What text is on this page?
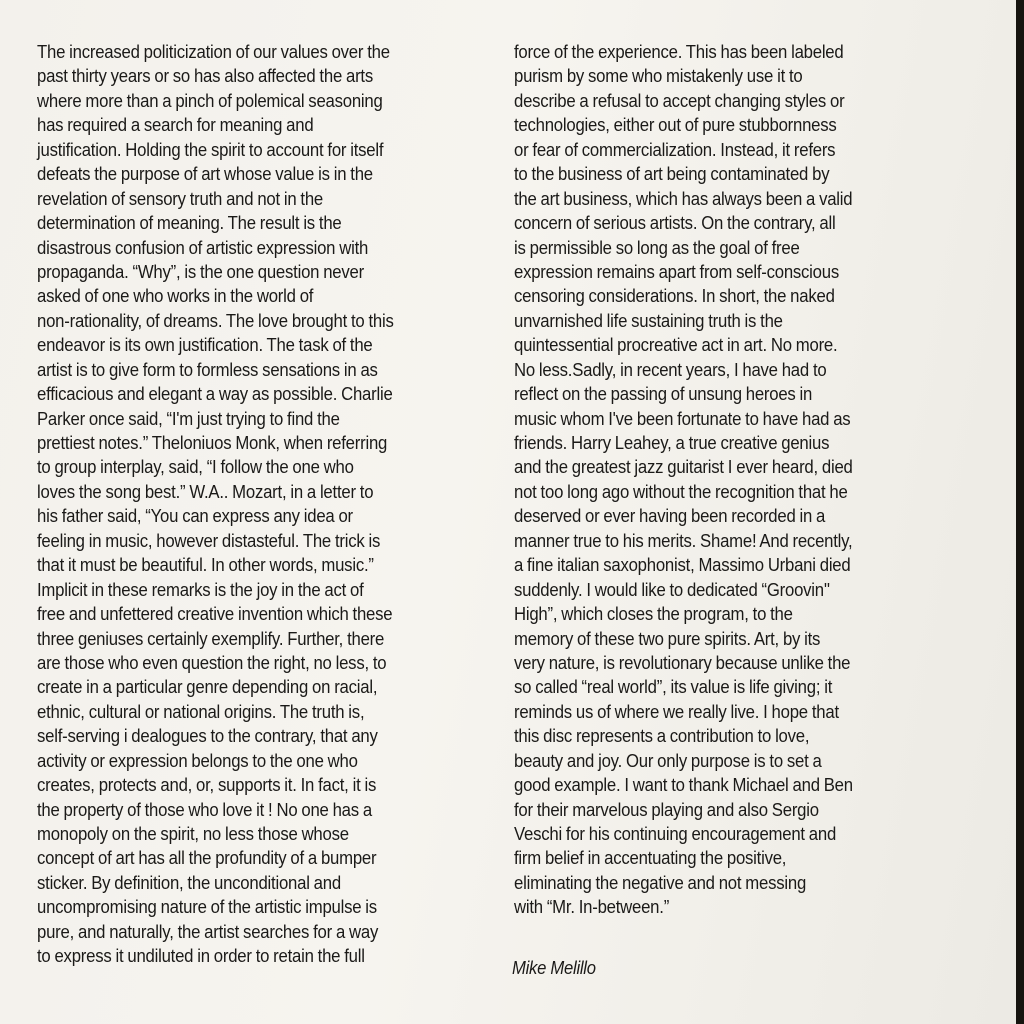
The increased politicization of our values over the
past thirty years or so has also affected the arts
where more than a pinch of polemical seasoning
has required a search for meaning and
justification. Holding the spirit to account for itself
defeats the purpose of art whose value is in the
revelation of sensory truth and not in the
determination of meaning. The result is the
disastrous confusion of artistic expression with
propaganda. “Why”, is the one question never
asked of one who works in the world of
non-rationality, of dreams. The love brought to this
endeavor is its own justification. The task of the
artist is to give form to formless sensations in as
efficacious and elegant a way as possible. Charlie
Parker once said, “I'm just trying to find the
prettiest notes.” Theloniuos Monk, when referring
to group interplay, said, “I follow the one who
loves the song best.” W.A.. Mozart, in a letter to
his father said, “You can express any idea or
feeling in music, however distasteful. The trick is
that it must be beautiful. In other words, music.”
Implicit in these remarks is the joy in the act of
free and unfettered creative invention which these
three geniuses certainly exemplify. Further, there
are those who even question the right, no less, to
create in a particular genre depending on racial,
ethnic, cultural or national origins. The truth is,
self-serving i dealogues to the contrary, that any
activity or expression belongs to the one who
creates, protects and, or, supports it. In fact, it is
the property of those who love it ! No one has a
monopoly on the spirit, no less those whose
concept of art has all the profundity of a bumper
sticker. By definition, the unconditional and
uncompromising nature of the artistic impulse is
pure, and naturally, the artist searches for a way
to express it undiluted in order to retain the full
force of the experience. This has been labeled
purism by some who mistakenly use it to
describe a refusal to accept changing styles or
technologies, either out of pure stubbornness
or fear of commercialization. Instead, it refers
to the business of art being contaminated by
the art business, which has always been a valid
concern of serious artists. On the contrary, all
is permissible so long as the goal of free
expression remains apart from self-conscious
censoring considerations. In short, the naked
unvarnished life sustaining truth is the
quintessential procreative act in art. No more.
No less.Sadly, in recent years, I have had to
reflect on the passing of unsung heroes in
music whom I've been fortunate to have had as
friends. Harry Leahey, a true creative genius
and the greatest jazz guitarist I ever heard, died
not too long ago without the recognition that he
deserved or ever having been recorded in a
manner true to his merits. Shame! And recently,
a fine italian saxophonist, Massimo Urbani died
suddenly. I would like to dedicated “Groovin''
High”, which closes the program, to the
memory of these two pure spirits. Art, by its
very nature, is revolutionary because unlike the
so called “real world”, its value is life giving; it
reminds us of where we really live. I hope that
this disc represents a contribution to love,
beauty and joy. Our only purpose is to set a
good example. I want to thank Michael and Ben
for their marvelous playing and also Sergio
Veschi for his continuing encouragement and
firm belief in accentuating the positive,
eliminating the negative and not messing
with “Mr. In-between.”
Mike Melillo
